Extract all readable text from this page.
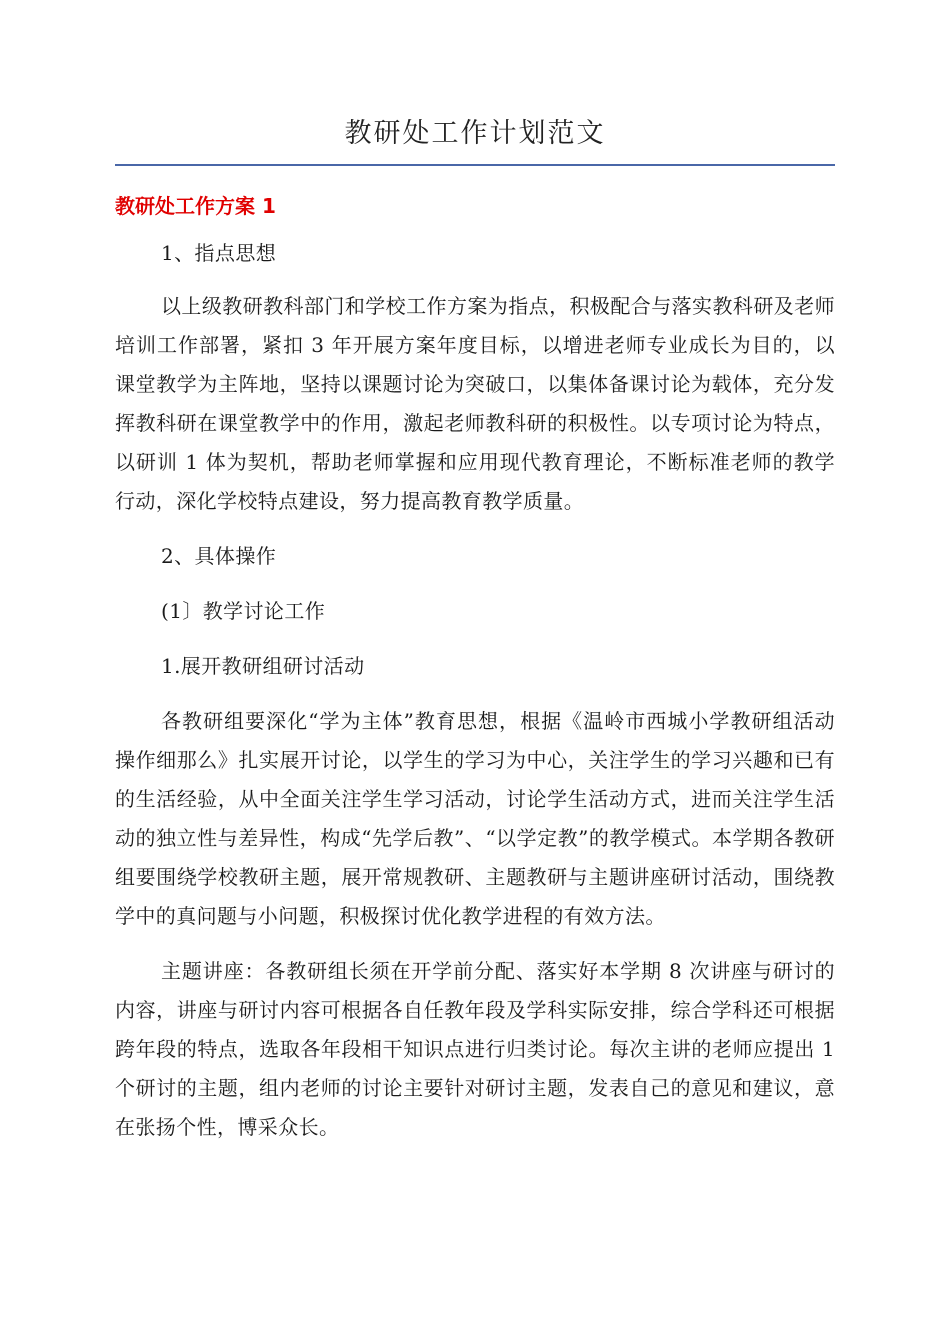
教研处工作计划范文
教研处工作方案 1

1、指点思想

以上级教研教科部门和学校工作方案为指点，积极配合与落实教科研及老师培训工作部署，紧扣 3 年开展方案年度目标，以增进老师专业成长为目的，以课堂教学为主阵地，坚持以课题讨论为突破口，以集体备课讨论为载体，充分发挥教科研在课堂教学中的作用，激起老师教科研的积极性。以专项讨论为特点，以研训 1 体为契机，帮助老师掌握和应用现代教育理论，不断标准老师的教学行动，深化学校特点建设，努力提高教育教学质量。

2、具体操作

(1〕教学讨论工作

1.展开教研组研讨活动

各教研组要深化“学为主体”教育思想，根据《温岭市西城小学教研组活动操作细那么》扎实展开讨论，以学生的学习为中心，关注学生的学习兴趣和已有的生活经验，从中全面关注学生学习活动，讨论学生活动方式，进而关注学生活动的独立性与差异性，构成“先学后教”、“以学定教”的教学模式。本学期各教研组要围绕学校教研主题，展开常规教研、主题教研与主题讲座研讨活动，围绕教学中的真问题与小问题，积极探讨优化教学进程的有效方法。

主题讲座：各教研组长须在开学前分配、落实好本学期 8 次讲座与研讨的内容，讲座与研讨内容可根据各自任教年段及学科实际安排，综合学科还可根据跨年段的特点，选取各年段相干知识点进行归类讨论。每次主讲的老师应提出 1 个研讨的主题，组内老师的讨论主要针对研讨主题，发表自己的意见和建议，意在张扬个性，博采众长。
